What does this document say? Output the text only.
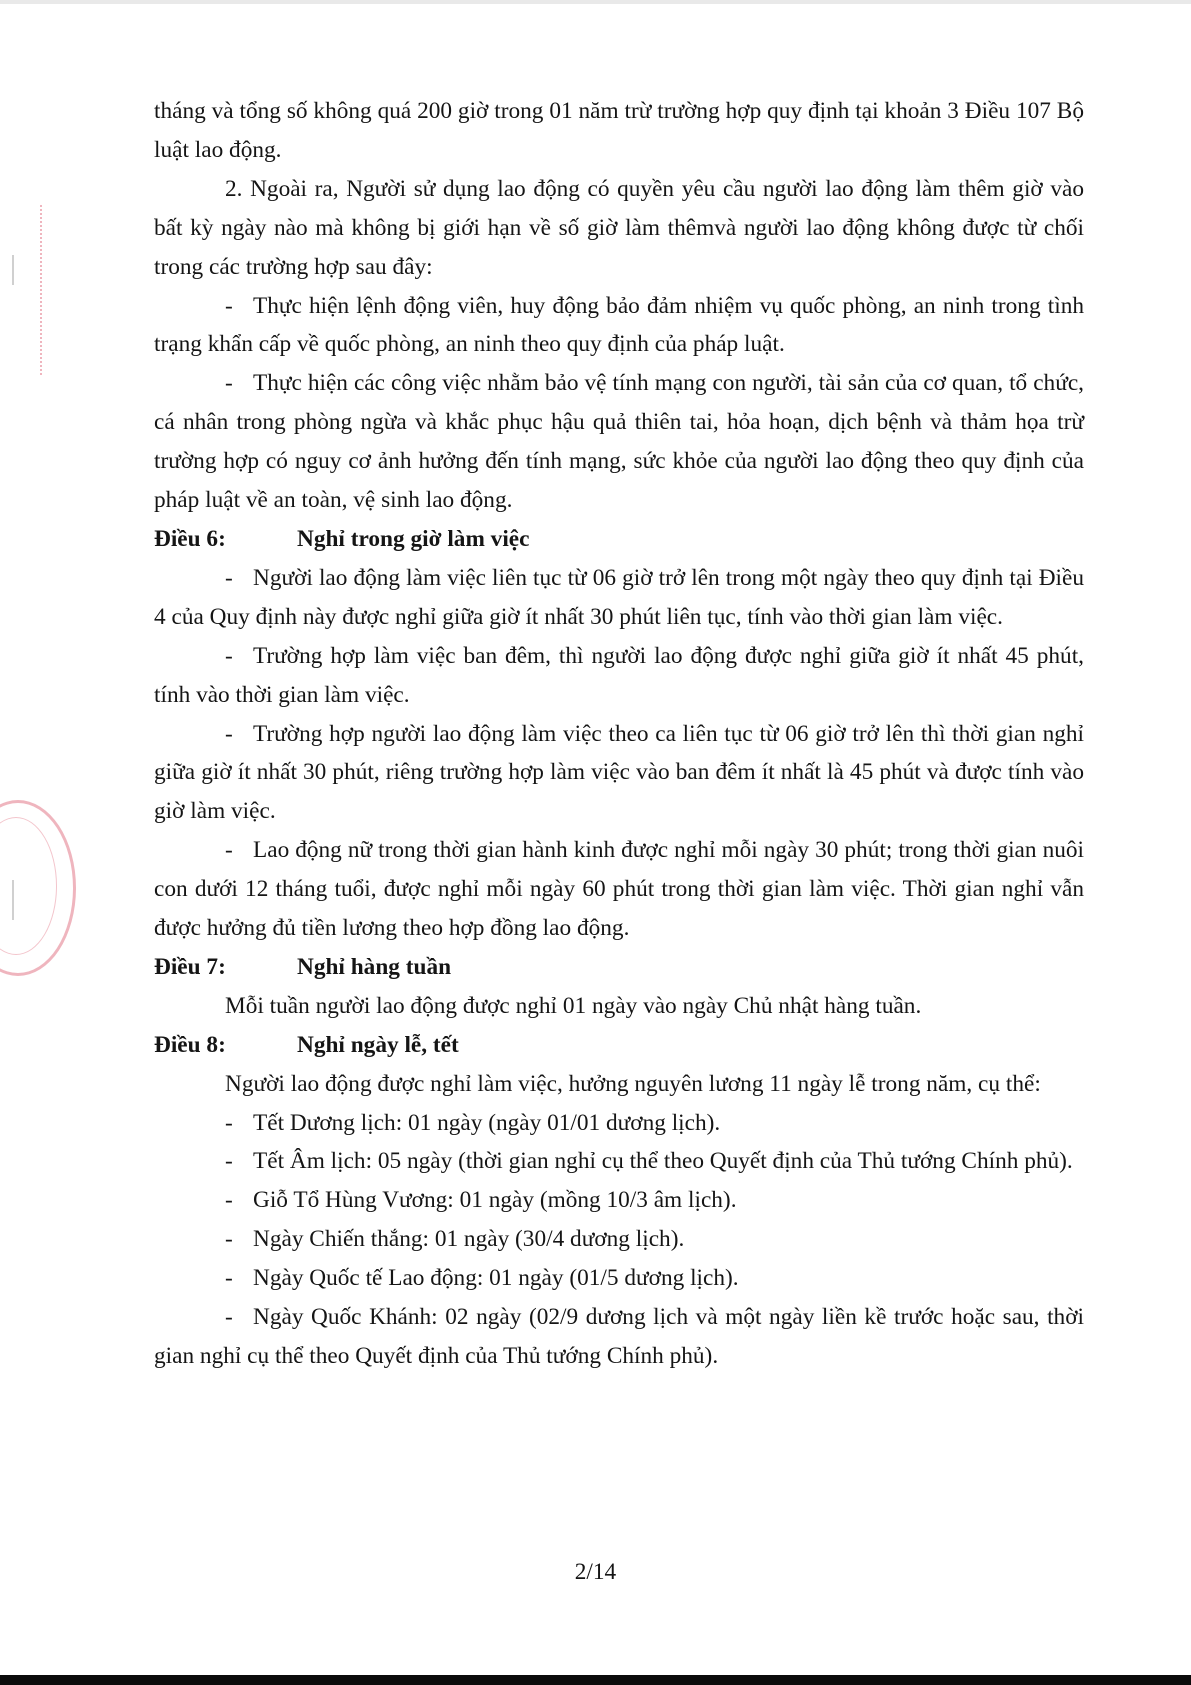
tháng và tổng số không quá 200 giờ trong 01 năm trừ trường hợp quy định tại khoản 3 Điều 107 Bộ luật lao động.

2. Ngoài ra, Người sử dụng lao động có quyền yêu cầu người lao động làm thêm giờ vào bất kỳ ngày nào mà không bị giới hạn về số giờ làm thêmvà người lao động không được từ chối trong các trường hợp sau đây:

- Thực hiện lệnh động viên, huy động bảo đảm nhiệm vụ quốc phòng, an ninh trong tình trạng khẩn cấp về quốc phòng, an ninh theo quy định của pháp luật.

- Thực hiện các công việc nhằm bảo vệ tính mạng con người, tài sản của cơ quan, tổ chức, cá nhân trong phòng ngừa và khắc phục hậu quả thiên tai, hỏa hoạn, dịch bệnh và thảm họa trừ trường hợp có nguy cơ ảnh hưởng đến tính mạng, sức khỏe của người lao động theo quy định của pháp luật về an toàn, vệ sinh lao động.

Điều 6:	Nghỉ trong giờ làm việc

- Người lao động làm việc liên tục từ 06 giờ trở lên trong một ngày theo quy định tại Điều 4 của Quy định này được nghỉ giữa giờ ít nhất 30 phút liên tục, tính vào thời gian làm việc.

- Trường hợp làm việc ban đêm, thì người lao động được nghỉ giữa giờ ít nhất 45 phút, tính vào thời gian làm việc.

- Trường hợp người lao động làm việc theo ca liên tục từ 06 giờ trở lên thì thời gian nghỉ giữa giờ ít nhất 30 phút, riêng trường hợp làm việc vào ban đêm ít nhất là 45 phút và được tính vào giờ làm việc.

- Lao động nữ trong thời gian hành kinh được nghỉ mỗi ngày 30 phút; trong thời gian nuôi con dưới 12 tháng tuổi, được nghỉ mỗi ngày 60 phút trong thời gian làm việc. Thời gian nghỉ vẫn được hưởng đủ tiền lương theo hợp đồng lao động.

Điều 7:	Nghỉ hàng tuần

Mỗi tuần người lao động được nghỉ 01 ngày vào ngày Chủ nhật hàng tuần.

Điều 8:	Nghỉ ngày lễ, tết

Người lao động được nghỉ làm việc, hưởng nguyên lương 11 ngày lễ trong năm, cụ thể:

- Tết Dương lịch: 01 ngày (ngày 01/01 dương lịch).

- Tết Âm lịch: 05 ngày (thời gian nghỉ cụ thể theo Quyết định của Thủ tướng Chính phủ).

- Giỗ Tổ Hùng Vương: 01 ngày (mồng 10/3 âm lịch).

- Ngày Chiến thắng: 01 ngày (30/4 dương lịch).

- Ngày Quốc tế Lao động: 01 ngày (01/5 dương lịch).

- Ngày Quốc Khánh: 02 ngày (02/9 dương lịch và một ngày liền kề trước hoặc sau, thời gian nghỉ cụ thể theo Quyết định của Thủ tướng Chính phủ).

2/14
